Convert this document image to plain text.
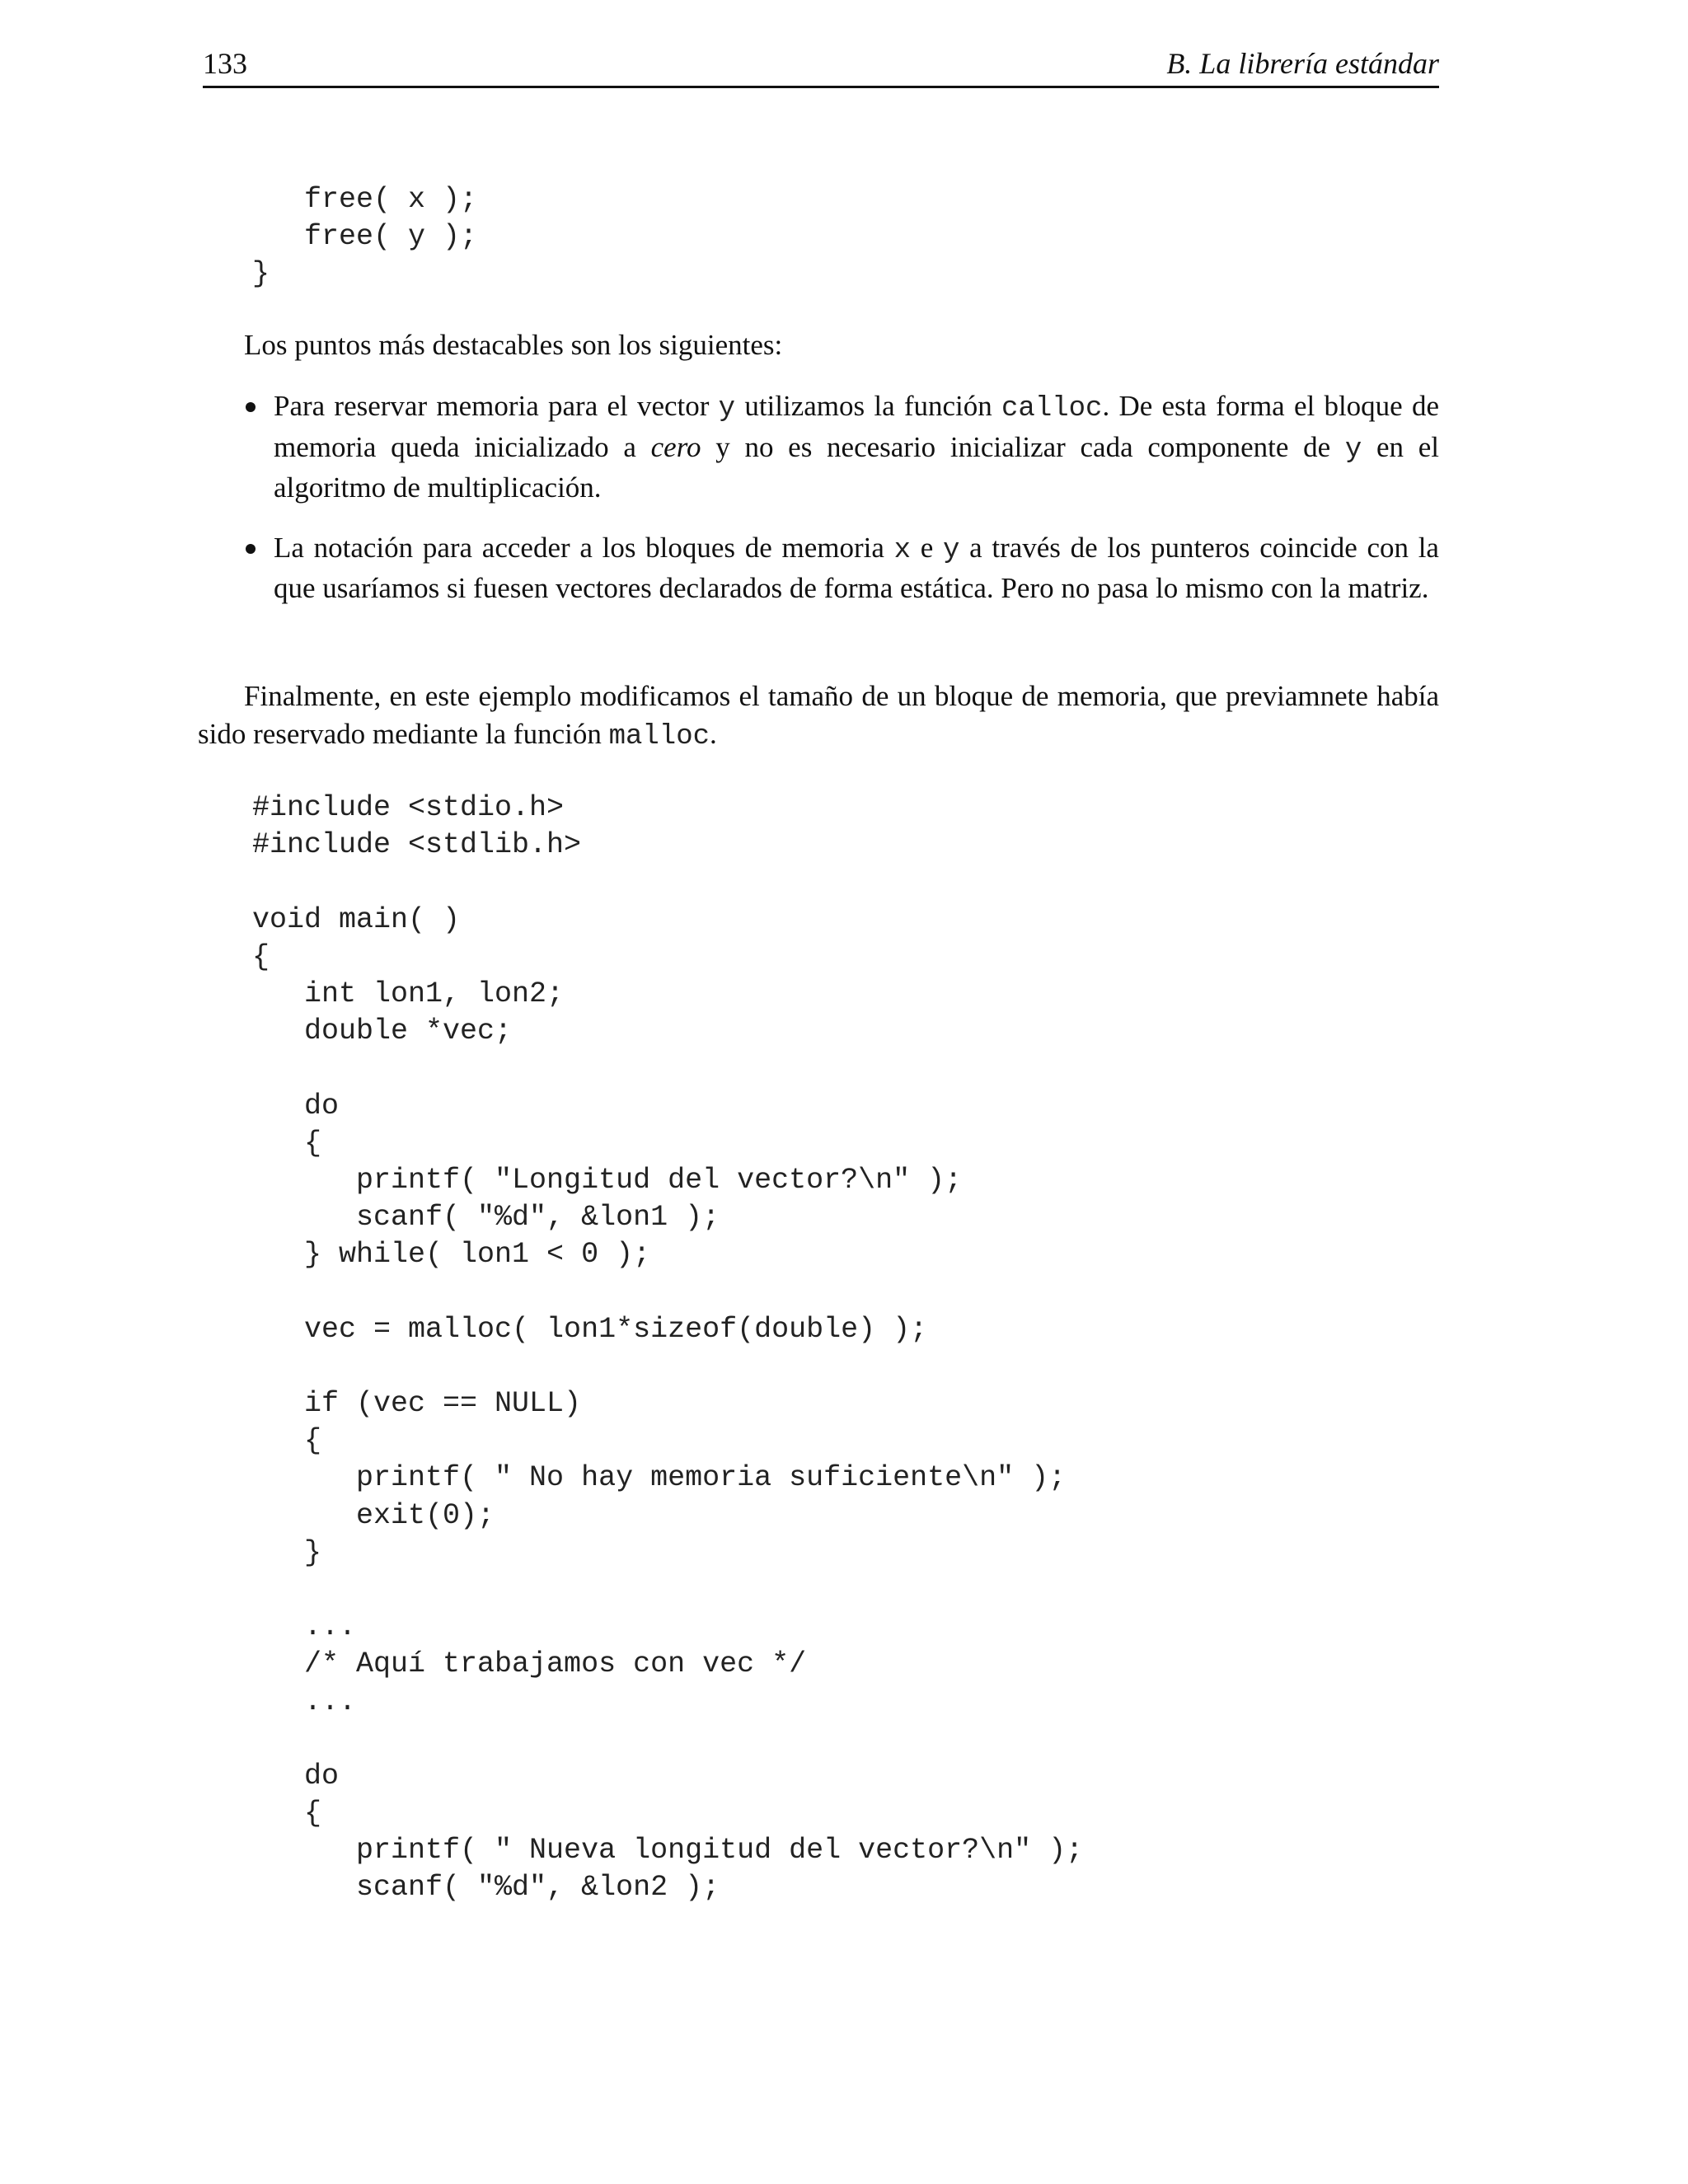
133	B. La librería estándar
free( x );
free( y );
}
Los puntos más destacables son los siguientes:
Para reservar memoria para el vector y utilizamos la función calloc. De esta forma el bloque de memoria queda inicializado a cero y no es necesario inicializar cada componente de y en el algoritmo de multiplicación.
La notación para acceder a los bloques de memoria x e y a través de los punteros coincide con la que usaríamos si fuesen vectores declarados de forma estática. Pero no pasa lo mismo con la matriz.
Finalmente, en este ejemplo modificamos el tamaño de un bloque de memoria, que previamnete había sido reservado mediante la función malloc.
#include <stdio.h>
#include <stdlib.h>
void main( )
{
int lon1, lon2;
double *vec;
do
{
printf( "Longitud del vector?\n" );
scanf( "%d", &lon1 );
} while( lon1 < 0 );
vec = malloc( lon1*sizeof(double) );
if (vec == NULL)
{
printf( " No hay memoria suficiente\n" );
exit(0);
}
...
/* Aquí trabajamos con vec */
...
do
{
printf( " Nueva longitud del vector?\n" );
scanf( "%d", &lon2 );
